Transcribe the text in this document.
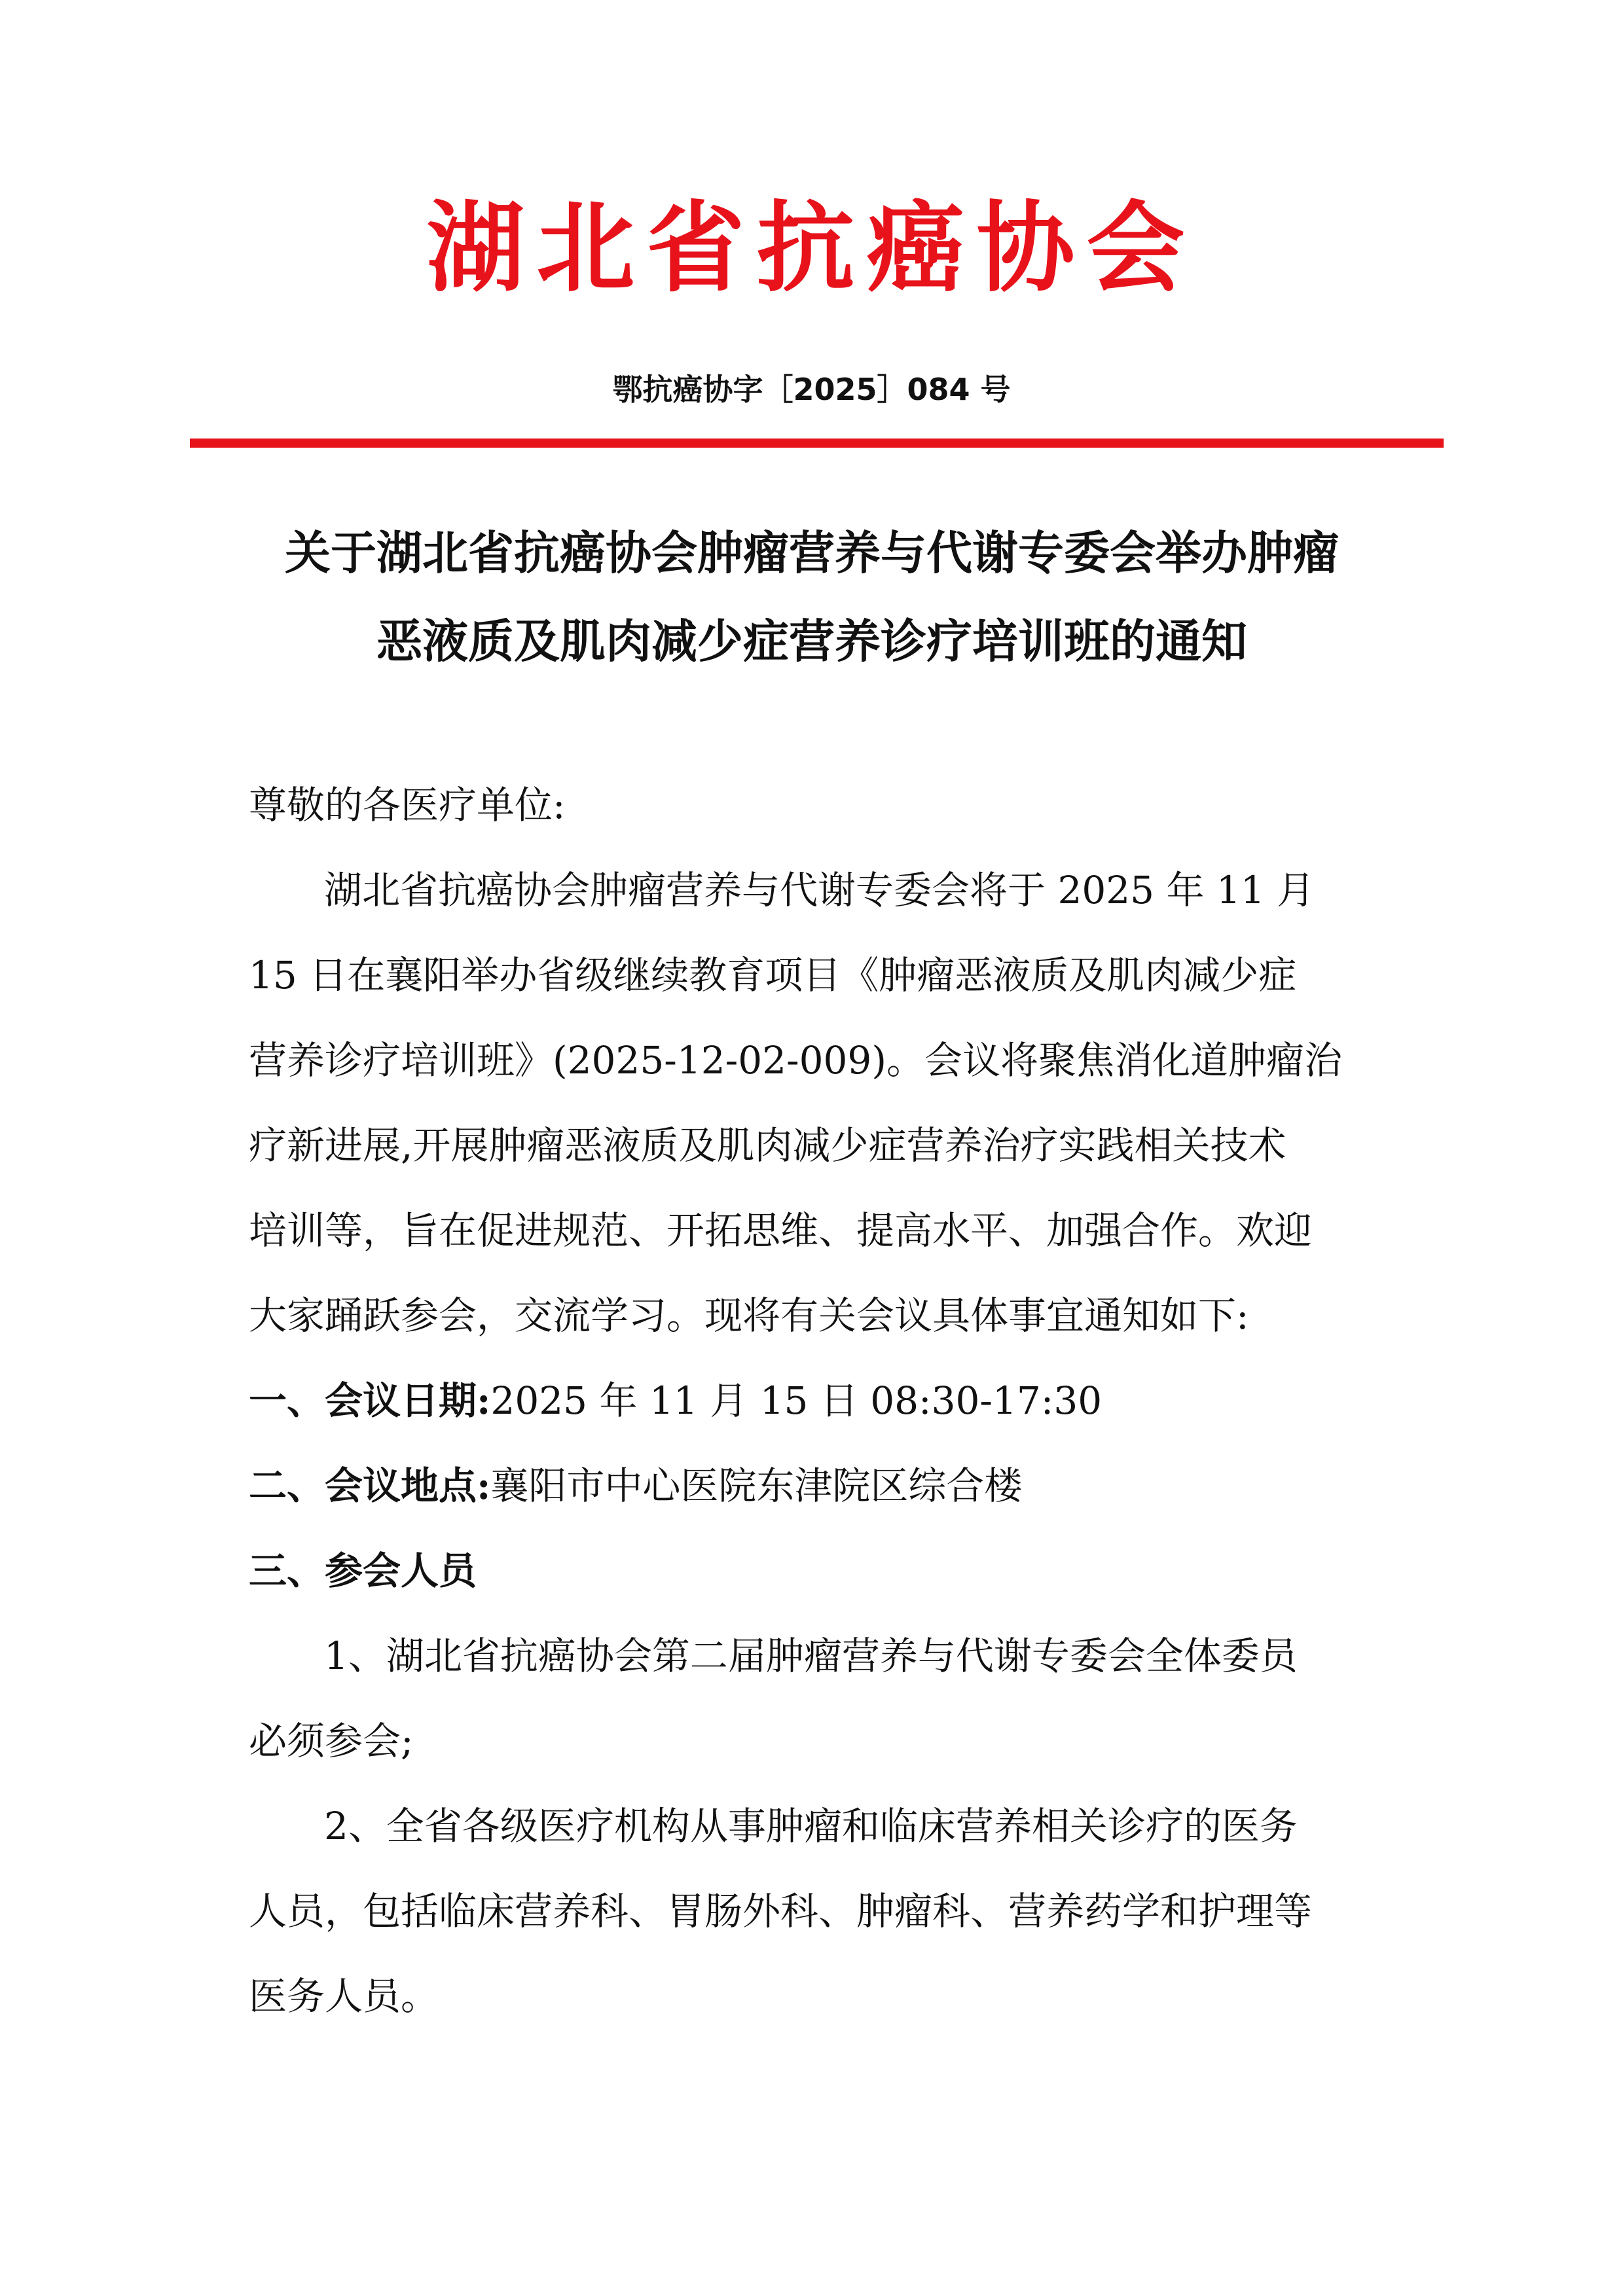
湖北省抗癌协会
鄂抗癌协字［2025］084 号
关于湖北省抗癌协会肿瘤营养与代谢专委会举办肿瘤
恶液质及肌肉减少症营养诊疗培训班的通知
尊敬的各医疗单位:
湖北省抗癌协会肿瘤营养与代谢专委会将于 2025 年 11 月
15 日在襄阳举办省级继续教育项目《肿瘤恶液质及肌肉减少症
营养诊疗培训班》(2025-12-02-009)。会议将聚焦消化道肿瘤治
疗新进展,开展肿瘤恶液质及肌肉减少症营养治疗实践相关技术
培训等，旨在促进规范、开拓思维、提高水平、加强合作。欢迎
大家踊跃参会，交流学习。现将有关会议具体事宜通知如下:
一、会议日期:2025 年 11 月 15 日 08:30-17:30
二、会议地点:襄阳市中心医院东津院区综合楼
三、参会人员
1、湖北省抗癌协会第二届肿瘤营养与代谢专委会全体委员
必须参会;
2、全省各级医疗机构从事肿瘤和临床营养相关诊疗的医务
人员，包括临床营养科、胃肠外科、肿瘤科、营养药学和护理等
医务人员。
